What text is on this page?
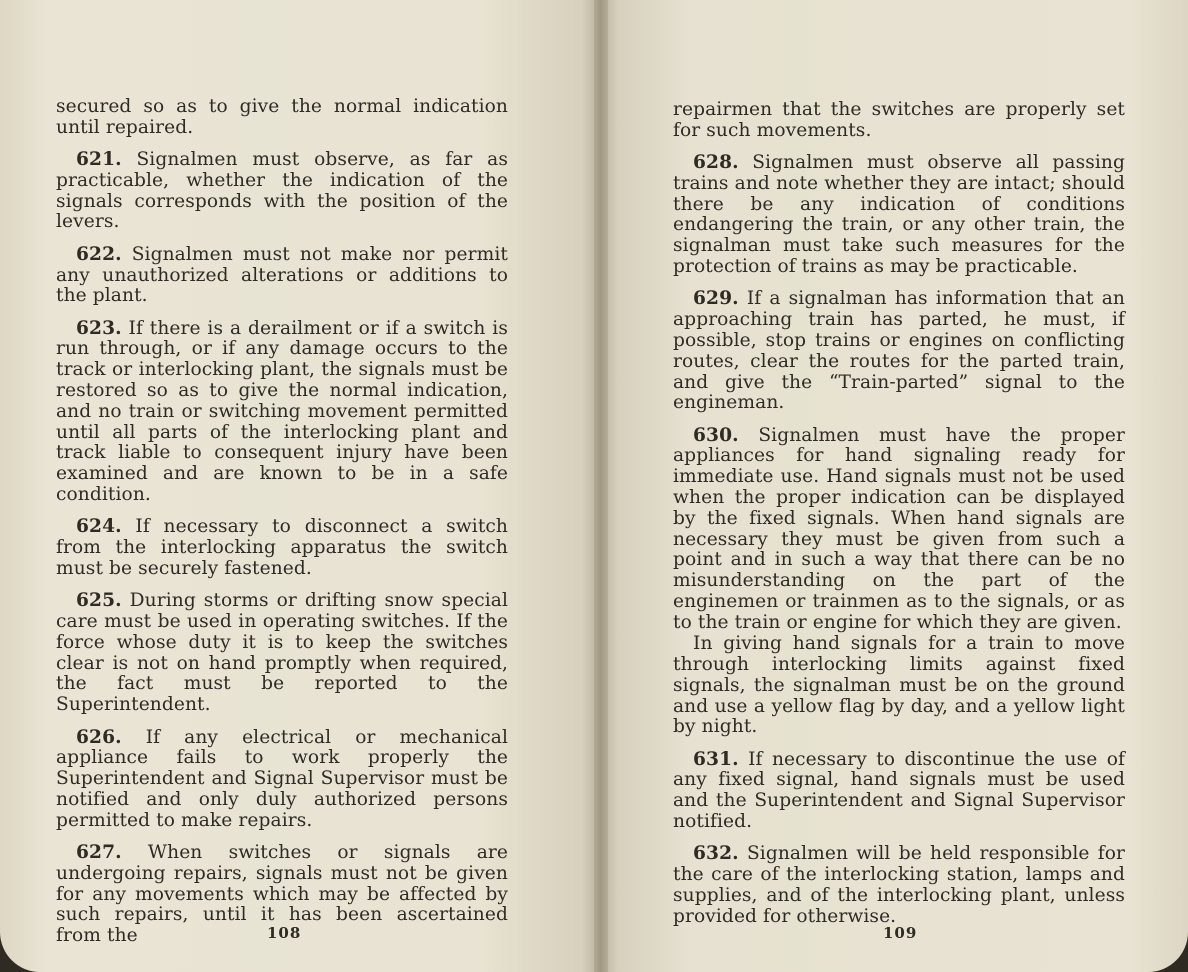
secured so as to give the normal indication until repaired.

621. Signalmen must observe, as far as practicable, whether the indication of the signals corresponds with the position of the levers.

622. Signalmen must not make nor permit any unauthorized alterations or additions to the plant.

623. If there is a derailment or if a switch is run through, or if any damage occurs to the track or interlocking plant, the signals must be restored so as to give the normal indication, and no train or switching movement permitted until all parts of the interlocking plant and track liable to consequent injury have been examined and are known to be in a safe condition.

624. If necessary to disconnect a switch from the interlocking apparatus the switch must be securely fastened.

625. During storms or drifting snow special care must be used in operating switches. If the force whose duty it is to keep the switches clear is not on hand promptly when required, the fact must be reported to the Superintendent.

626. If any electrical or mechanical appliance fails to work properly the Superintendent and Signal Supervisor must be notified and only duly authorized persons permitted to make repairs.

627. When switches or signals are undergoing repairs, signals must not be given for any movements which may be affected by such repairs, until it has been ascertained from the	108

repairmen that the switches are properly set for such movements.

628. Signalmen must observe all passing trains and note whether they are intact; should there be any indication of conditions endangering the train, or any other train, the signalman must take such measures for the protection of trains as may be practicable.

629. If a signalman has information that an approaching train has parted, he must, if possible, stop trains or engines on conflicting routes, clear the routes for the parted train, and give the “Train-parted” signal to the engineman.

630. Signalmen must have the proper appliances for hand signaling ready for immediate use. Hand signals must not be used when the proper indication can be displayed by the fixed signals. When hand signals are necessary they must be given from such a point and in such a way that there can be no misunderstanding on the part of the enginemen or trainmen as to the signals, or as to the train or engine for which they are given.

In giving hand signals for a train to move through interlocking limits against fixed signals, the signalman must be on the ground and use a yellow flag by day, and a yellow light by night.

631. If necessary to discontinue the use of any fixed signal, hand signals must be used and the Superintendent and Signal Supervisor notified.

632. Signalmen will be held responsible for the care of the interlocking station, lamps and supplies, and of the interlocking plant, unless provided for otherwise.

109
